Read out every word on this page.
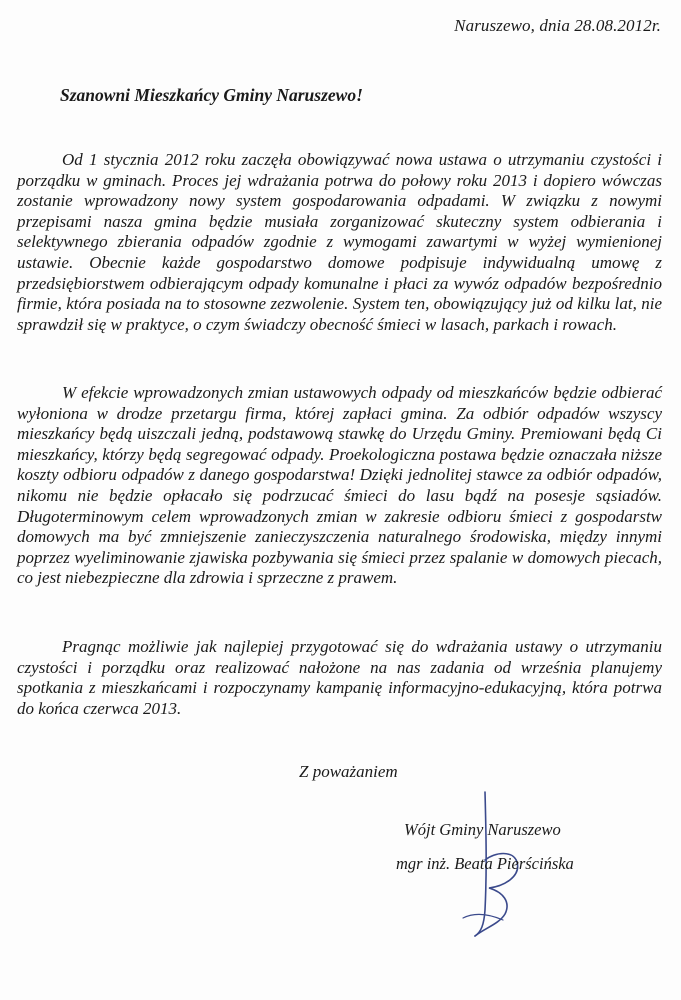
Naruszewo, dnia 28.08.2012r.
Szanowni Mieszkańcy Gminy Naruszewo!

Od 1 stycznia 2012 roku zaczęła obowiązywać nowa ustawa o utrzymaniu czystości i porządku w gminach. Proces jej wdrażania potrwa do połowy roku 2013 i dopiero wówczas zostanie wprowadzony nowy system gospodarowania odpadami. W związku z nowymi przepisami nasza gmina będzie musiała zorganizować skuteczny system odbierania i selektywnego zbierania odpadów zgodnie z wymogami zawartymi w wyżej wymienionej ustawie. Obecnie każde gospodarstwo domowe podpisuje indywidualną umowę z przedsiębiorstwem odbierającym odpady komunalne i płaci za wywóz odpadów bezpośrednio firmie, która posiada na to stosowne zezwolenie. System ten, obowiązujący już od kilku lat, nie sprawdził się w praktyce, o czym świadczy obecność śmieci w lasach, parkach i rowach.

W efekcie wprowadzonych zmian ustawowych odpady od mieszkańców będzie odbierać wyłoniona w drodze przetargu firma, której zapłaci gmina. Za odbiór odpadów wszyscy mieszkańcy będą uiszczali jedną, podstawową stawkę do Urzędu Gminy. Premiowani będą Ci mieszkańcy, którzy będą segregować odpady. Proekologiczna postawa będzie oznaczała niższe koszty odbioru odpadów z danego gospodarstwa! Dzięki jednolitej stawce za odbiór odpadów, nikomu nie będzie opłacało się podrzucać śmieci do lasu bądź na posesje sąsiadów. Długoterminowym celem wprowadzonych zmian w zakresie odbioru śmieci z gospodarstw domowych ma być zmniejszenie zanieczyszczenia naturalnego środowiska, między innymi poprzez wyeliminowanie zjawiska pozbywania się śmieci przez spalanie w domowych piecach, co jest niebezpieczne dla zdrowia i sprzeczne z prawem.

Pragnąc możliwie jak najlepiej przygotować się do wdrażania ustawy o utrzymaniu czystości i porządku oraz realizować nałożone na nas zadania od września planujemy spotkania z mieszkańcami i rozpoczynamy kampanię informacyjno-edukacyjną, która potrwa do końca czerwca 2013.

Z poważaniem
Wójt Gminy Naruszewo
mgr inż. Beata Pierścińska
